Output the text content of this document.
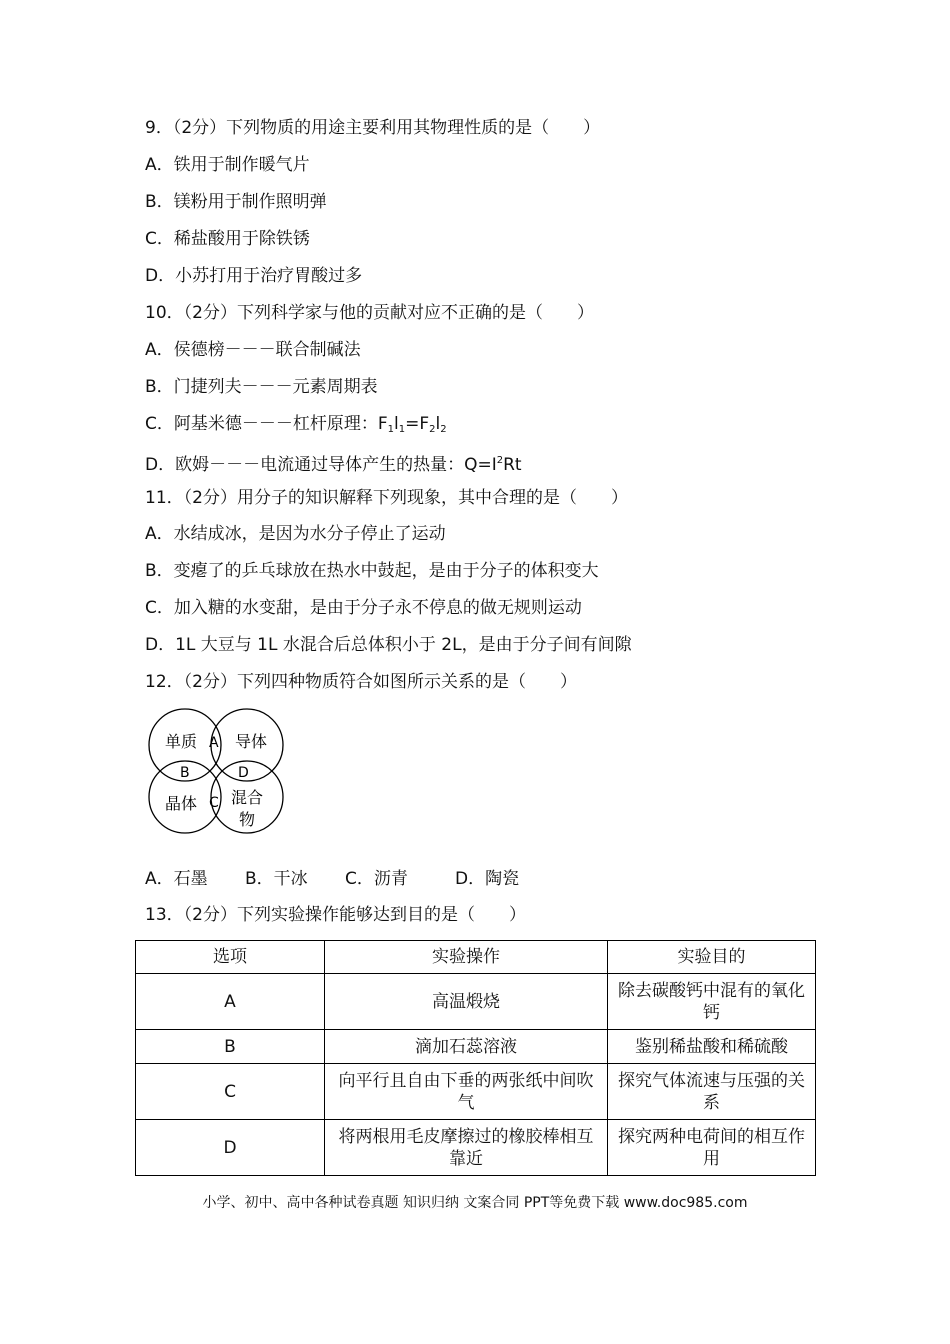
9．（2分）下列物质的用途主要利用其物理性质的是（　　）
A．铁用于制作暖气片
B．镁粉用于制作照明弹
C．稀盐酸用于除铁锈
D．小苏打用于治疗胃酸过多
10．（2分）下列科学家与他的贡献对应不正确的是（　　）
A．侯德榜－－－联合制碱法
B．门捷列夫－－－元素周期表
C．阿基米德－－－杠杆原理：$F_1l_1=F_2l_2$
D．欧姆－－－电流通过导体产生的热量：$Q=I^2Rt$
11．（2分）用分子的知识解释下列现象，其中合理的是（　　）
A．水结成冰，是因为水分子停止了运动
B．变瘪了的乒乓球放在热水中鼓起，是由于分子的体积变大
C．加入糖的水变甜，是由于分子永不停息的做无规则运动
D．1L 大豆与 1L 水混合后总体积小于 2L，是由于分子间有间隙
12．（2分）下列四种物质符合如图所示关系的是（　　）
单质 导体
晶体 混合
物
A
B
C
D
A．石墨 B．干冰 C．沥青	D．陶瓷
13．（2分）下列实验操作能够达到目的是（　　）
选项	实验操作	实验目的
A	高温煅烧	除去碳酸钙中混有的氧化钙
B	滴加石蕊溶液	鉴别稀盐酸和稀硫酸
C	向平行且自由下垂的两张纸中间吹气	探究气体流速与压强的关系
D	将两根用毛皮摩擦过的橡胶棒相互靠近	探究两种电荷间的相互作用
小学、初中、高中各种试卷真题 知识归纳 文案合同 PPT等免费下载 www.doc985.com
